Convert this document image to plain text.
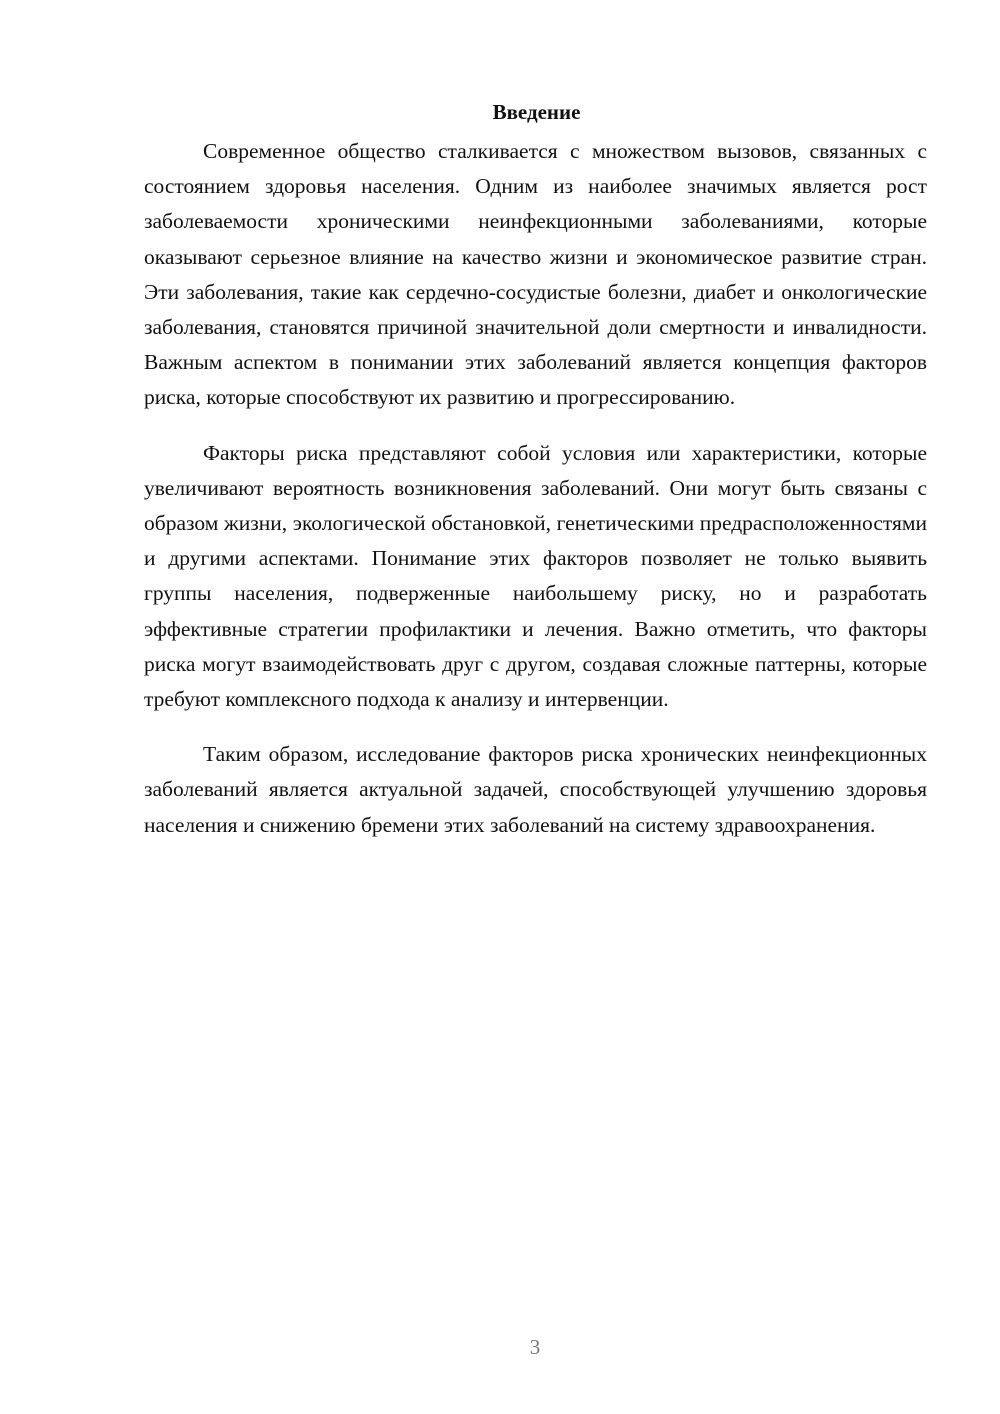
Введение

Современное общество сталкивается с множеством вызовов, связанных с состоянием здоровья населения. Одним из наиболее значимых является рост заболеваемости хроническими неинфекционными заболеваниями, которые оказывают серьезное влияние на качество жизни и экономическое развитие стран. Эти заболевания, такие как сердечно-сосудистые болезни, диабет и онкологические заболевания, становятся причиной значительной доли смертности и инвалидности. Важным аспектом в понимании этих заболеваний является концепция факторов риска, которые способствуют их развитию и прогрессированию.

Факторы риска представляют собой условия или характеристики, которые увеличивают вероятность возникновения заболеваний. Они могут быть связаны с образом жизни, экологической обстановкой, генетическими предрасположенностями и другими аспектами. Понимание этих факторов позволяет не только выявить группы населения, подверженные наибольшему риску, но и разработать эффективные стратегии профилактики и лечения. Важно отметить, что факторы риска могут взаимодействовать друг с другом, создавая сложные паттерны, которые требуют комплексного подхода к анализу и интервенции.

Таким образом, исследование факторов риска хронических неинфекционных заболеваний является актуальной задачей, способствующей улучшению здоровья населения и снижению бремени этих заболеваний на систему здравоохранения.

3
